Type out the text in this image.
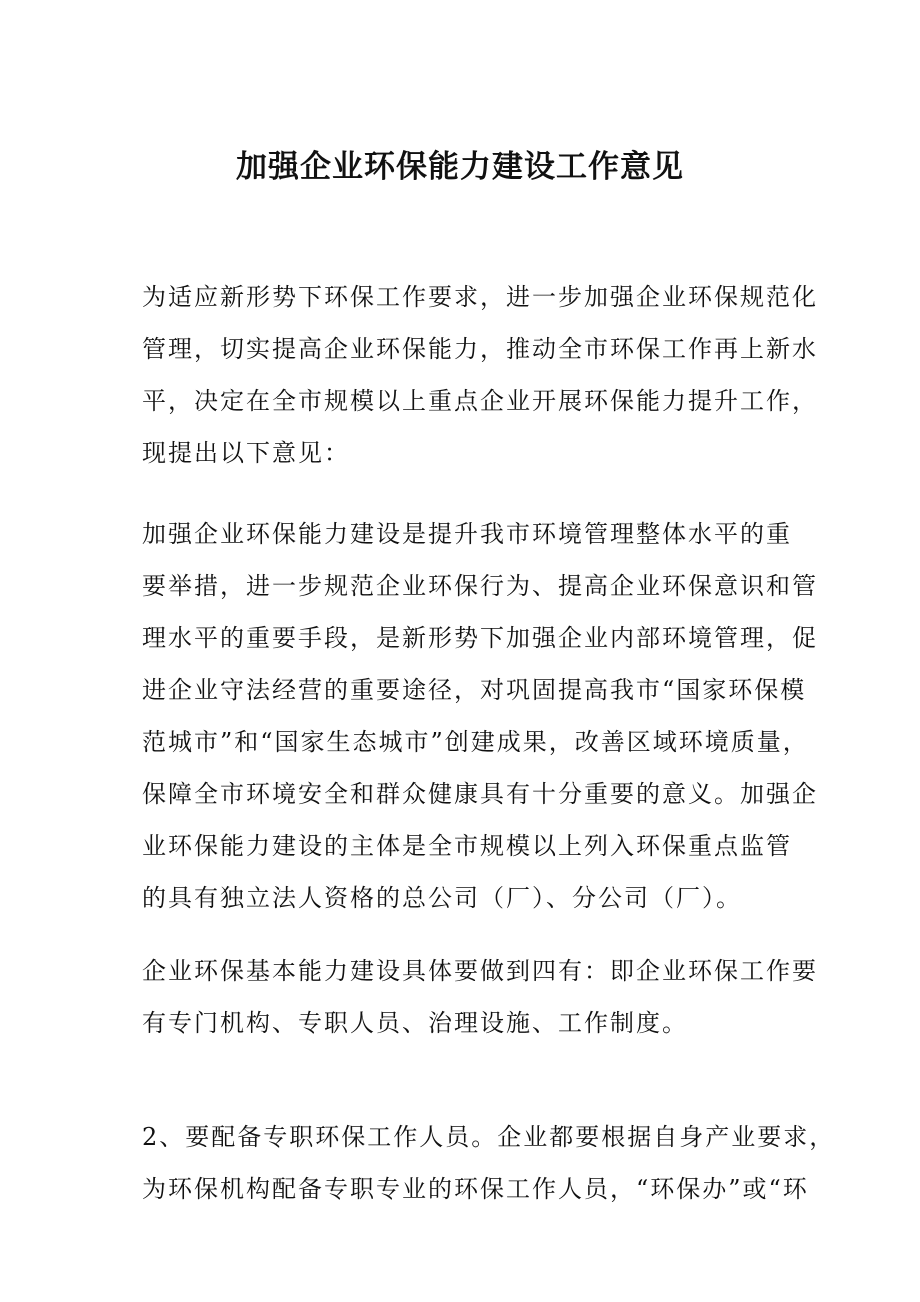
加强企业环保能力建设工作意见

为适应新形势下环保工作要求，进一步加强企业环保规范化
管理，切实提高企业环保能力，推动全市环保工作再上新水
平，决定在全市规模以上重点企业开展环保能力提升工作，
现提出以下意见：

加强企业环保能力建设是提升我市环境管理整体水平的重
要举措，进一步规范企业环保行为、提高企业环保意识和管
理水平的重要手段，是新形势下加强企业内部环境管理，促
进企业守法经营的重要途径，对巩固提高我市“国家环保模
范城市”和“国家生态城市”创建成果，改善区域环境质量，
保障全市环境安全和群众健康具有十分重要的意义。加强企
业环保能力建设的主体是全市规模以上列入环保重点监管
的具有独立法人资格的总公司（厂）、分公司（厂）。

企业环保基本能力建设具体要做到四有：即企业环保工作要
有专门机构、专职人员、治理设施、工作制度。

2、要配备专职环保工作人员。企业都要根据自身产业要求，
为环保机构配备专职专业的环保工作人员，“环保办”或“环
